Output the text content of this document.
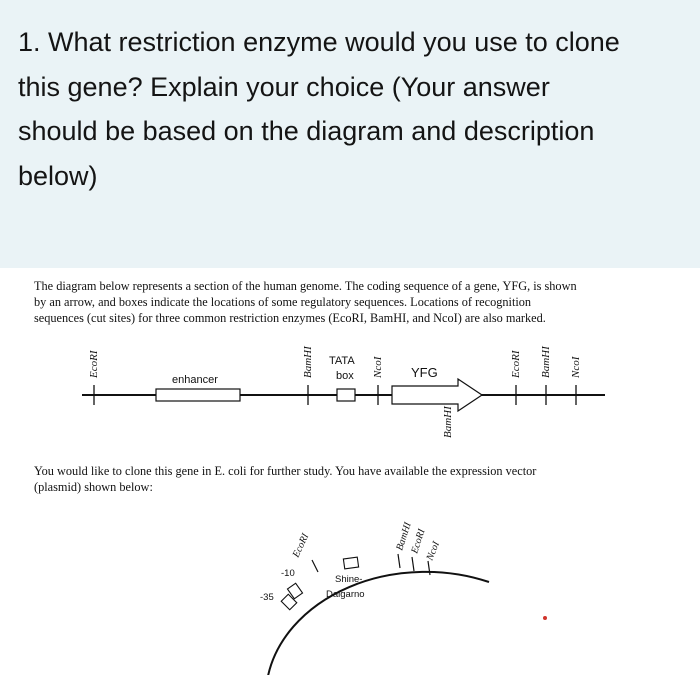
1. What restriction enzyme would you use to clone
this gene? Explain your choice (Your answer
should be based on the diagram and description
below)
The diagram below represents a section of the human genome. The coding sequence of a gene, YFG, is shown
by an arrow, and boxes indicate the locations of some regulatory sequences. Locations of recognition
sequences (cut sites) for three common restriction enzymes (EcoRI, BamHI, and NcoI) are also marked.
EcoRI	BamHI	NcoI
BamHI
EcoRI BamHI NcoI
enhancer
TATA
box	YFG
EcoRI	BamHI
EcoRI
NcoI
-10
-35
Shine-
Dalgarno
You would like to clone this gene in E. coli for further study. You have available the expression vector
(plasmid) shown below:
